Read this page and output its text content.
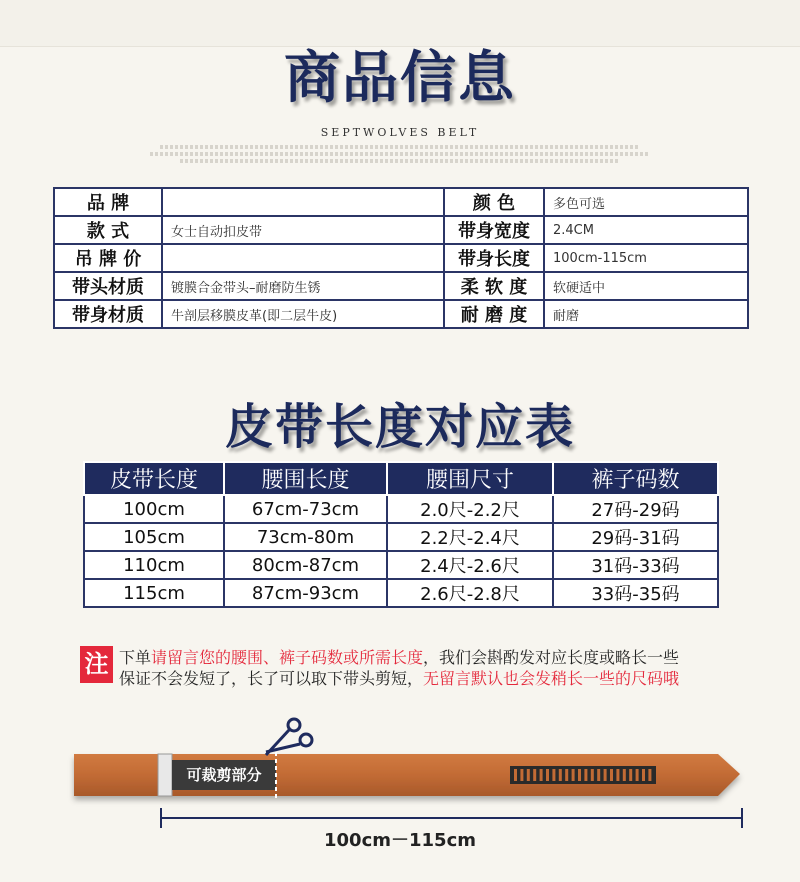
商品信息
SEPTWOLVES BELT
品 牌		颜 色	多色可选
款 式	女士自动扣皮带	带身宽度	2.4CM
吊 牌 价		带身长度	100cm-115cm
带头材质	镀膜合金带头–耐磨防生锈	柔 软 度	软硬适中
带身材质	牛剖层移膜皮革(即二层牛皮)	耐 磨 度	耐磨
皮带长度对应表
皮带长度	腰围长度	腰围尺寸	裤子码数
100cm	67cm-73cm	2.0尺-2.2尺	27码-29码
105cm	73cm-80m	2.2尺-2.4尺	29码-31码
110cm	80cm-87cm	2.4尺-2.6尺	31码-33码
115cm	87cm-93cm	2.6尺-2.8尺	33码-35码
注 下单请留言您的腰围、裤子码数或所需长度，我们会斟酌发对应长度或略长一些
保证不会发短了，长了可以取下带头剪短，无留言默认也会发稍长一些的尺码哦
可裁剪部分
100cm－115cm
